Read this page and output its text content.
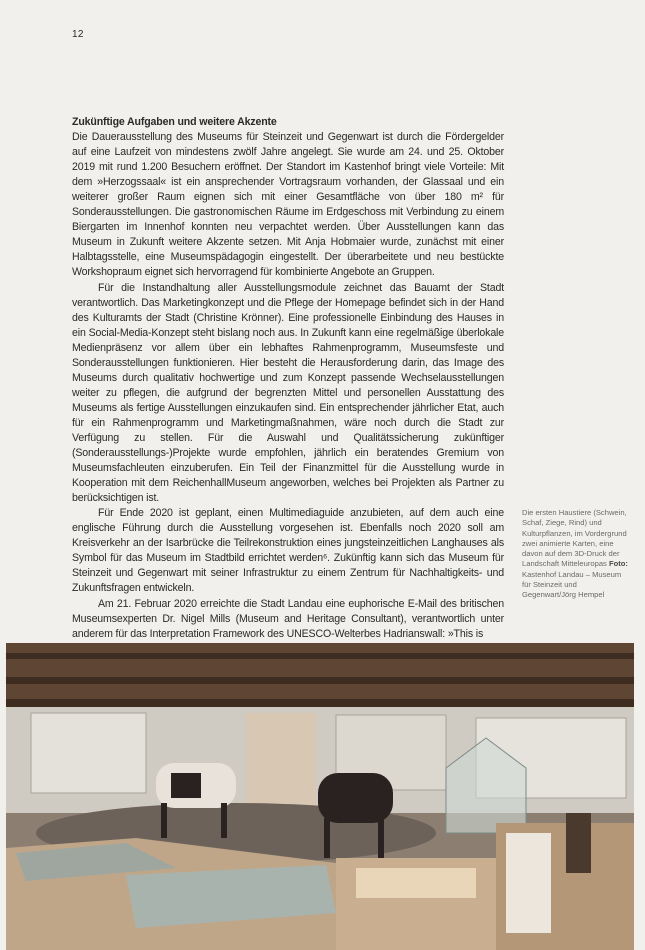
12
Zukünftige Aufgaben und weitere Akzente

Die Dauerausstellung des Museums für Steinzeit und Gegenwart ist durch die Fördergelder auf eine Laufzeit von mindestens zwölf Jahre angelegt. Sie wurde am 24. und 25. Oktober 2019 mit rund 1.200 Besuchern eröffnet. Der Standort im Kastenhof bringt viele Vorteile: Mit dem »Herzogssaal« ist ein ansprechender Vortragsraum vorhanden, der Glassaal und ein weiterer großer Raum eignen sich mit einer Gesamtfläche von über 180 m² für Sonderausstellungen. Die gastronomischen Räume im Erdgeschoss mit Verbindung zu einem Biergarten im Innenhof konnten neu verpachtet werden. Über Ausstellungen kann das Museum in Zukunft weitere Akzente setzen. Mit Anja Hobmaier wurde, zunächst mit einer Halbtagsstelle, eine Museumspädagogin eingestellt. Der überarbeitete und neu bestückte Workshopraum eignet sich hervorragend für kombinierte Angebote an Gruppen.

Für die Instandhaltung aller Ausstellungsmodule zeichnet das Bauamt der Stadt verantwortlich. Das Marketingkonzept und die Pflege der Homepage befindet sich in der Hand des Kulturamts der Stadt (Christine Krönner). Eine professionelle Einbindung des Hauses in ein Social-Media-Konzept steht bislang noch aus. In Zukunft kann eine regelmäßige überlokale Medienpräsenz vor allem über ein lebhaftes Rahmenprogramm, Museumsfeste und Sonderausstellungen funktionieren. Hier besteht die Herausforderung darin, das Image des Museums durch qualitativ hochwertige und zum Konzept passende Wechselausstellungen weiter zu pflegen, die aufgrund der begrenzten Mittel und personellen Ausstattung des Museums als fertige Ausstellungen einzukaufen sind. Ein entsprechender jährlicher Etat, auch für ein Rahmenprogramm und Marketingmaßnahmen, wäre noch durch die Stadt zur Verfügung zu stellen. Für die Auswahl und Qualitätssicherung zukünftiger (Sonderausstellungs-)Projekte wurde empfohlen, jährlich ein beratendes Gremium von Museumsfachleuten einzuberufen. Ein Teil der Finanzmittel für die Ausstellung wurde in Kooperation mit dem ReichenhallMuseum angeworben, welches bei Projekten als Partner zu berücksichtigen ist.

Für Ende 2020 ist geplant, einen Multimediaguide anzubieten, auf dem auch eine englische Führung durch die Ausstellung vorgesehen ist. Ebenfalls noch 2020 soll am Kreisverkehr an der Isarbrücke die Teilrekonstruktion eines jungsteinzeitlichen Langhauses als Symbol für das Museum im Stadtbild errichtet werden⁶. Zukünftig kann sich das Museum für Steinzeit und Gegenwart mit seiner Infrastruktur zu einem Zentrum für Nachhaltigkeits- und Zukunftsfragen entwickeln.

Am 21. Februar 2020 erreichte die Stadt Landau eine euphorische E-Mail des britischen Museumsexperten Dr. Nigel Mills (Museum and Heritage Consultant), verantwortlich unter anderem für das Interpretation Framework des UNESCO-Welterbes Hadrianswall: »This is

Die ersten Haustiere (Schwein, Schaf, Ziege, Rind) und Kulturpflanzen, im Vordergrund zwei animierte Karten, eine davon auf dem 3D-Druck der Landschaft Mitteleuropas Foto: Kastenhof Landau – Museum für Steinzeit und Gegenwart/Jörg Hempel
